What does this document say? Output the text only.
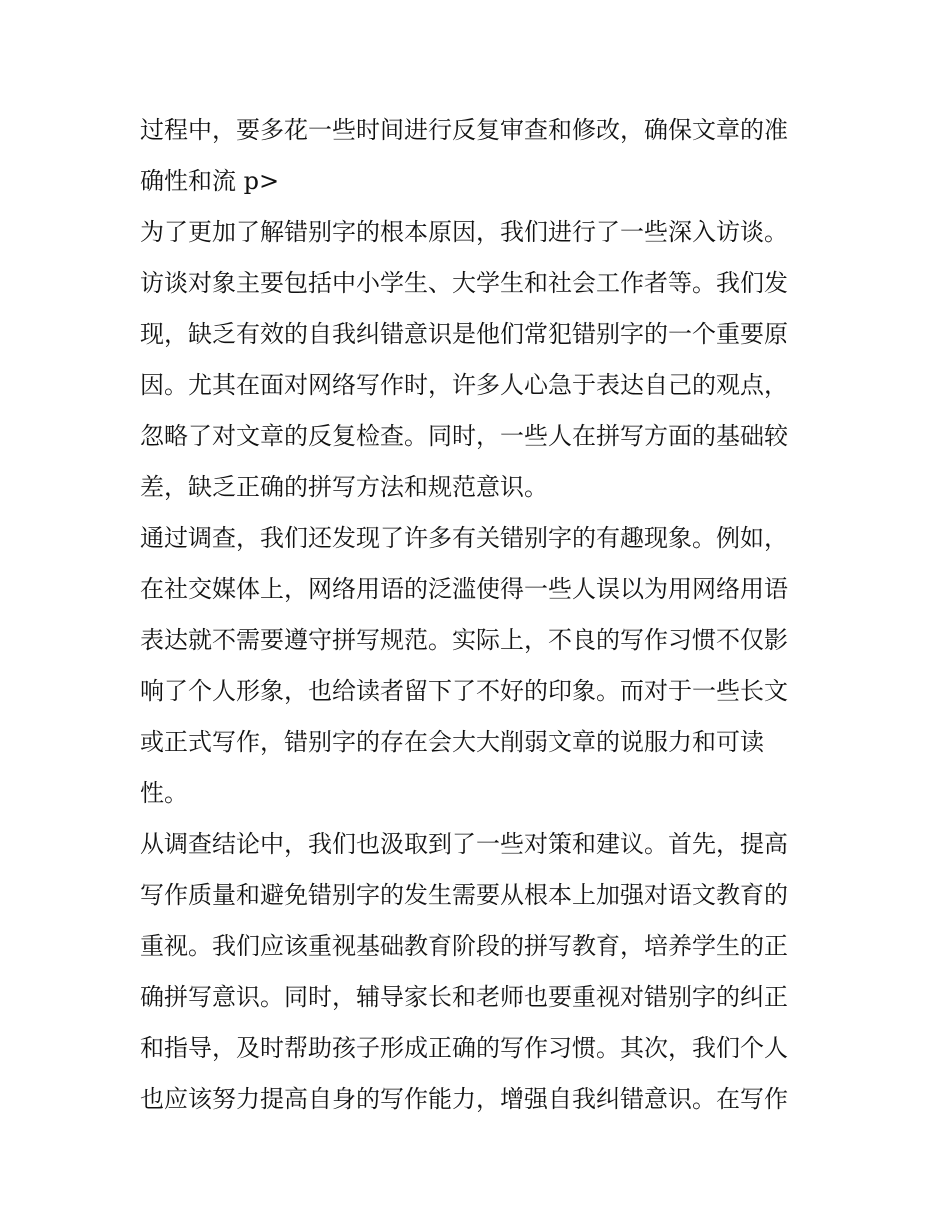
过程中，要多花一些时间进行反复审查和修改，确保文章的准
确性和流 p>
为了更加了解错别字的根本原因，我们进行了一些深入访谈。
访谈对象主要包括中小学生、大学生和社会工作者等。我们发
现，缺乏有效的自我纠错意识是他们常犯错别字的一个重要原
因。尤其在面对网络写作时，许多人心急于表达自己的观点，
忽略了对文章的反复检查。同时，一些人在拼写方面的基础较
差，缺乏正确的拼写方法和规范意识。
通过调查，我们还发现了许多有关错别字的有趣现象。例如，
在社交媒体上，网络用语的泛滥使得一些人误以为用网络用语
表达就不需要遵守拼写规范。实际上，不良的写作习惯不仅影
响了个人形象，也给读者留下了不好的印象。而对于一些长文
或正式写作，错别字的存在会大大削弱文章的说服力和可读
性。
从调查结论中，我们也汲取到了一些对策和建议。首先，提高
写作质量和避免错别字的发生需要从根本上加强对语文教育的
重视。我们应该重视基础教育阶段的拼写教育，培养学生的正
确拼写意识。同时，辅导家长和老师也要重视对错别字的纠正
和指导，及时帮助孩子形成正确的写作习惯。其次，我们个人
也应该努力提高自身的写作能力，增强自我纠错意识。在写作
